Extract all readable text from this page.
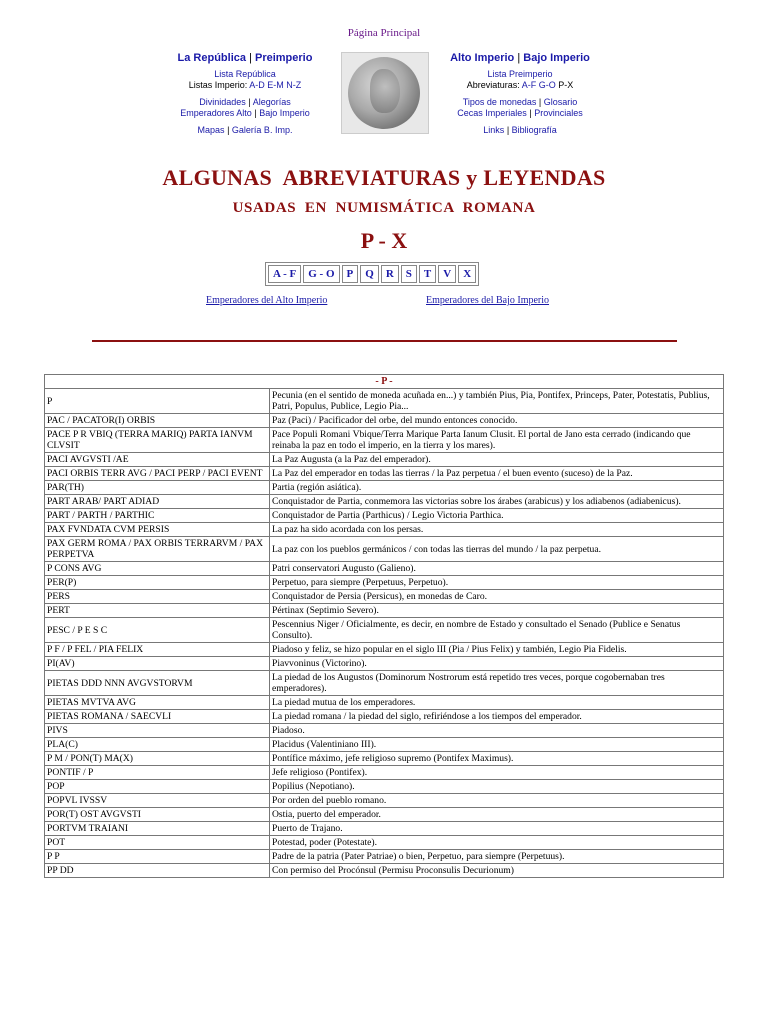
Página Principal
La República | Preimperio
Lista República
Listas Imperio: A-D E-M N-Z
Divinidades | Alegorías
Emperadores Alto | Bajo Imperio
Mapas | Galería B. Imp.
Alto Imperio | Bajo Imperio
Lista Preimperio
Abreviaturas: A-F G-O P-X
Tipos de monedas | Glosario
Cecas Imperiales | Provinciales
Links | Bibliografía
ALGUNAS  ABREVIATURAS y LEYENDAS
USADAS  EN  NUMISMÁTICA  ROMANA
P - X
A - F	G - O	P	Q	R	S	T	V	X
Emperadores del Alto Imperio	Emperadores del Bajo Imperio
- P -	
P	Pecunia (en el sentido de moneda acuñada en...) y también Pius, Pia, Pontifex, Princeps, Pater, Potestatis, Publius, Patri, Populus, Publice, Legio Pia...
PAC / PACATOR(I) ORBIS	Paz (Paci) / Pacificador del orbe, del mundo entonces conocido.
PACE P R VBIQ (TERRA MARIQ) PARTA IANVM CLVSIT	Pace Populi Romani Vbique/Terra Marique Parta Ianum Clusit. El portal de Jano esta cerrado (indicando que reinaba la paz en todo el imperio, en la tierra y los mares).
PACI AVGVSTI /AE	La Paz Augusta (a la Paz del emperador).
PACI ORBIS TERR AVG / PACI PERP / PACI EVENT	La Paz del emperador en todas las tierras / la Paz perpetua / el buen evento (suceso) de la Paz.
PAR(TH)	Partia (región asiática).
PART ARAB/ PART ADIAD	Conquistador de Partia, conmemora las victorias sobre los árabes (arabicus) y los adiabenos (adiabenicus).
PART / PARTH / PARTHIC	Conquistador de Partia (Parthicus) / Legio Victoria Parthica.
PAX FVNDATA CVM PERSIS	La paz ha sido acordada con los persas.
PAX GERM ROMA / PAX ORBIS TERRARVM / PAX PERPETVA	La paz con los pueblos germánicos / con todas las tierras del mundo / la paz perpetua.
P CONS AVG	Patri conservatori Augusto (Galieno).
PER(P)	Perpetuo, para siempre (Perpetuus, Perpetuo).
PERS	Conquistador de Persia (Persicus), en monedas de Caro.
PERT	Pértinax (Septimio Severo).
PESC / P E S C	Pescennius Niger / Oficialmente, es decir, en nombre de Estado y consultado el Senado (Publice e Senatus Consulto).
P F / P FEL / PIA FELIX	Piadoso y feliz, se hizo popular en el siglo III (Pia / Pius Felix) y también, Legio Pia Fidelis.
PI(AV)	Piavvoninus (Victorino).
PIETAS DDD NNN AVGVSTORVM	La piedad de los Augustos (Dominorum Nostrorum está repetido tres veces, porque cogobernaban tres emperadores).
PIETAS MVTVA AVG	La piedad mutua de los emperadores.
PIETAS ROMANA / SAECVLI	La piedad romana / la piedad del siglo, refiriéndose a los tiempos del emperador.
PIVS	Piadoso.
PLA(C)	Placidus (Valentiniano III).
P M / PON(T) MA(X)	Pontífice máximo, jefe religioso supremo (Pontifex Maximus).
PONTIF / P	Jefe religioso (Pontifex).
POP	Popilius (Nepotiano).
POPVL IVSSV	Por orden del pueblo romano.
POR(T) OST AVGVSTI	Ostia, puerto del emperador.
PORTVM TRAIANI	Puerto de Trajano.
POT	Potestad, poder (Potestate).
P P	Padre de la patria (Pater Patriae) o bien, Perpetuo, para siempre (Perpetuus).
PP DD	Con permiso del Procónsul (Permisu Proconsulis Decurionum)
